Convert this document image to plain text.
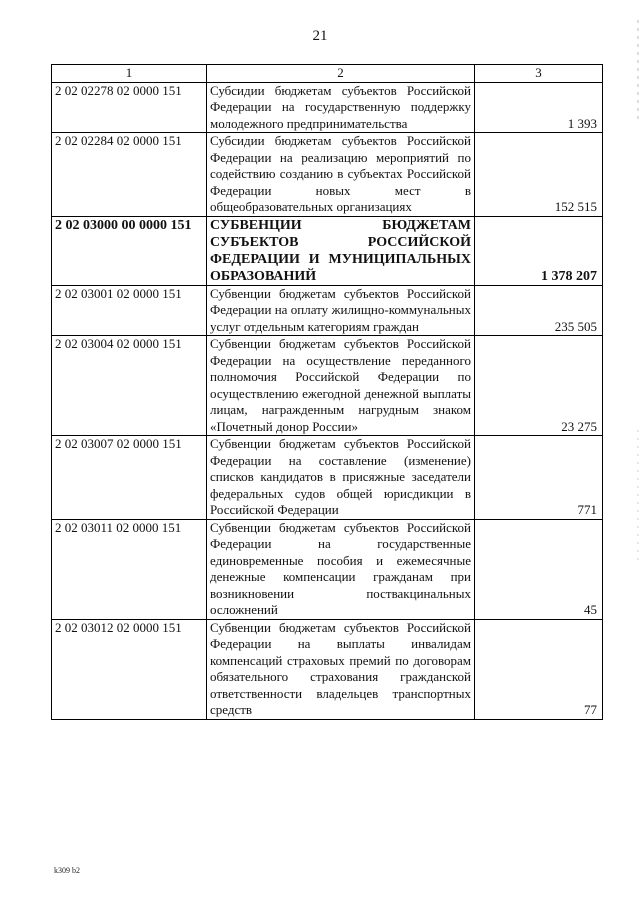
21
1	2	3
2 02 02278 02 0000 151	Субсидии бюджетам субъектов Российской Федерации на государственную поддержку молодежного предпринимательства	1 393
2 02 02284 02 0000 151	Субсидии бюджетам субъектов Российской Федерации на реализацию мероприятий по содействию созданию в субъектах Российской Федерации новых мест в общеобразовательных организациях	152 515
2 02 03000 00 0000 151	СУБВЕНЦИИ БЮДЖЕТАМ СУБЪЕКТОВ РОССИЙСКОЙ ФЕДЕРАЦИИ И МУНИЦИПАЛЬНЫХ ОБРАЗОВАНИЙ	1 378 207
2 02 03001 02 0000 151	Субвенции бюджетам субъектов Российской Федерации на оплату жилищно-коммунальных услуг отдельным категориям граждан	235 505
2 02 03004 02 0000 151	Субвенции бюджетам субъектов Российской Федерации на осуществление переданного полномочия Российской Федерации по осуществлению ежегодной денежной выплаты лицам, награжденным нагрудным знаком «Почетный донор России»	23 275
2 02 03007 02 0000 151	Субвенции бюджетам субъектов Российской Федерации на составление (изменение) списков кандидатов в присяжные заседатели федеральных судов общей юрисдикции в Российской Федерации	771
2 02 03011 02 0000 151	Субвенции бюджетам субъектов Российской Федерации на государственные единовременные пособия и ежемесячные денежные компенсации гражданам при возникновении поствакцинальных осложнений	45
2 02 03012 02 0000 151	Субвенции бюджетам субъектов Российской Федерации на выплаты инвалидам компенсаций страховых премий по договорам обязательного страхования гражданской ответственности владельцев транспортных средств	77
k309 b2
